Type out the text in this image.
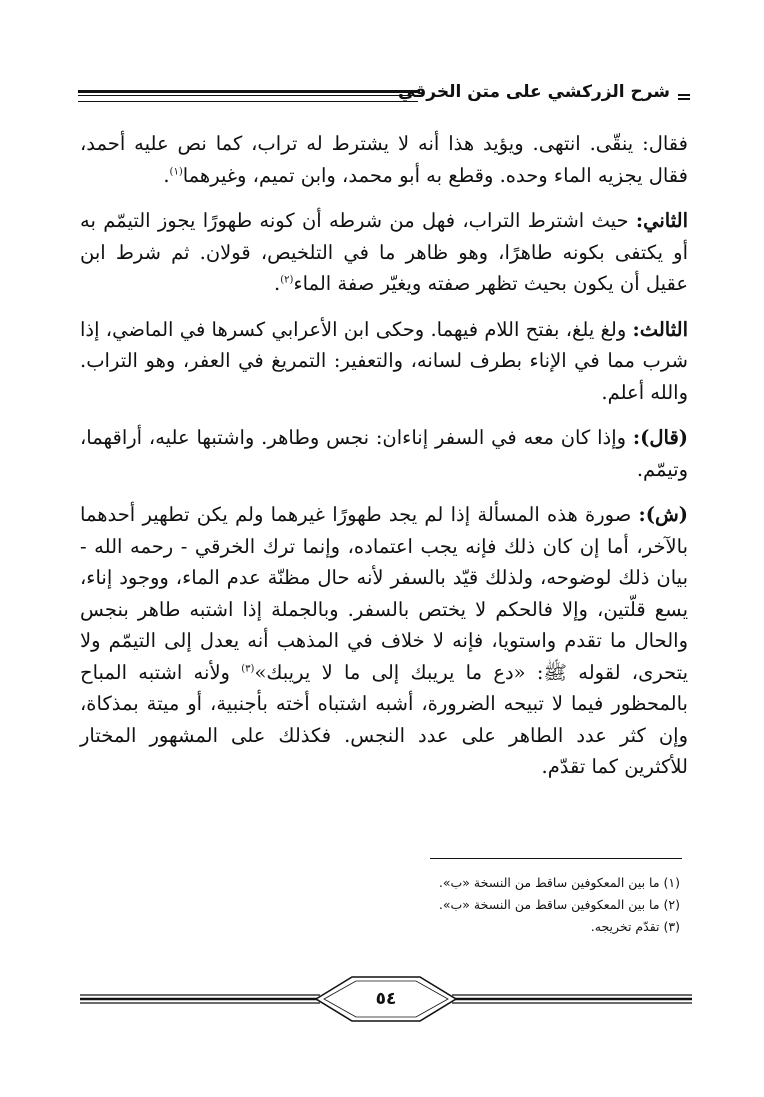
شرح الزركشي على متن الخرقي

فقال: ينقّى. انتهى. ويؤيد هذا أنه لا يشترط له تراب، كما نص عليه أحمد، فقال يجزيه الماء وحده. وقطع به أبو محمد، وابن تميم، وغيرهما$^{(١)}$.

الثاني: حيث اشترط التراب، فهل من شرطه أن كونه طهورًا يجوز التيمّم به أو يكتفى بكونه طاهرًا، وهو ظاهر ما في التلخيص، قولان. ثم شرط ابن عقيل أن يكون بحيث تظهر صفته ويغيّر صفة الماء$^{(٢)}$.

الثالث: ولغ يلغ، بفتح اللام فيهما. وحكى ابن الأعرابي كسرها في الماضي، إذا شرب مما في الإناء بطرف لسانه، والتعفير: التمريغ في العفر، وهو التراب. والله أعلم.

(قال): وإذا كان معه في السفر إناءان: نجس وطاهر. واشتبها عليه، أراقهما، وتيمّم.

(ش): صورة هذه المسألة إذا لم يجد طهورًا غيرهما ولم يكن تطهير أحدهما بالآخر، أما إن كان ذلك فإنه يجب اعتماده، وإنما ترك الخرقي - رحمه الله - بيان ذلك لوضوحه، ولذلك قيّد بالسفر لأنه حال مظنّة عدم الماء، ووجود إناء، يسع قلّتين، وإلا فالحكم لا يختص بالسفر. وبالجملة إذا اشتبه طاهر بنجس والحال ما تقدم واستويا، فإنه لا خلاف في المذهب أنه يعدل إلى التيمّم ولا يتحرى، لقوله ﷺ: «دع ما يريبك إلى ما لا يريبك»$^{(٣)}$ ولأنه اشتبه المباح بالمحظور فيما لا تبيحه الضرورة، أشبه اشتباه أخته بأجنبية، أو ميتة بمذكاة، وإن كثر عدد الطاهر على عدد النجس. فكذلك على المشهور المختار للأكثرين كما تقدّم.

(١) ما بين المعكوفين ساقط من النسخة «ب».
(٢) ما بين المعكوفين ساقط من النسخة «ب».
(٣) تقدّم تخريجه.
٥٤
